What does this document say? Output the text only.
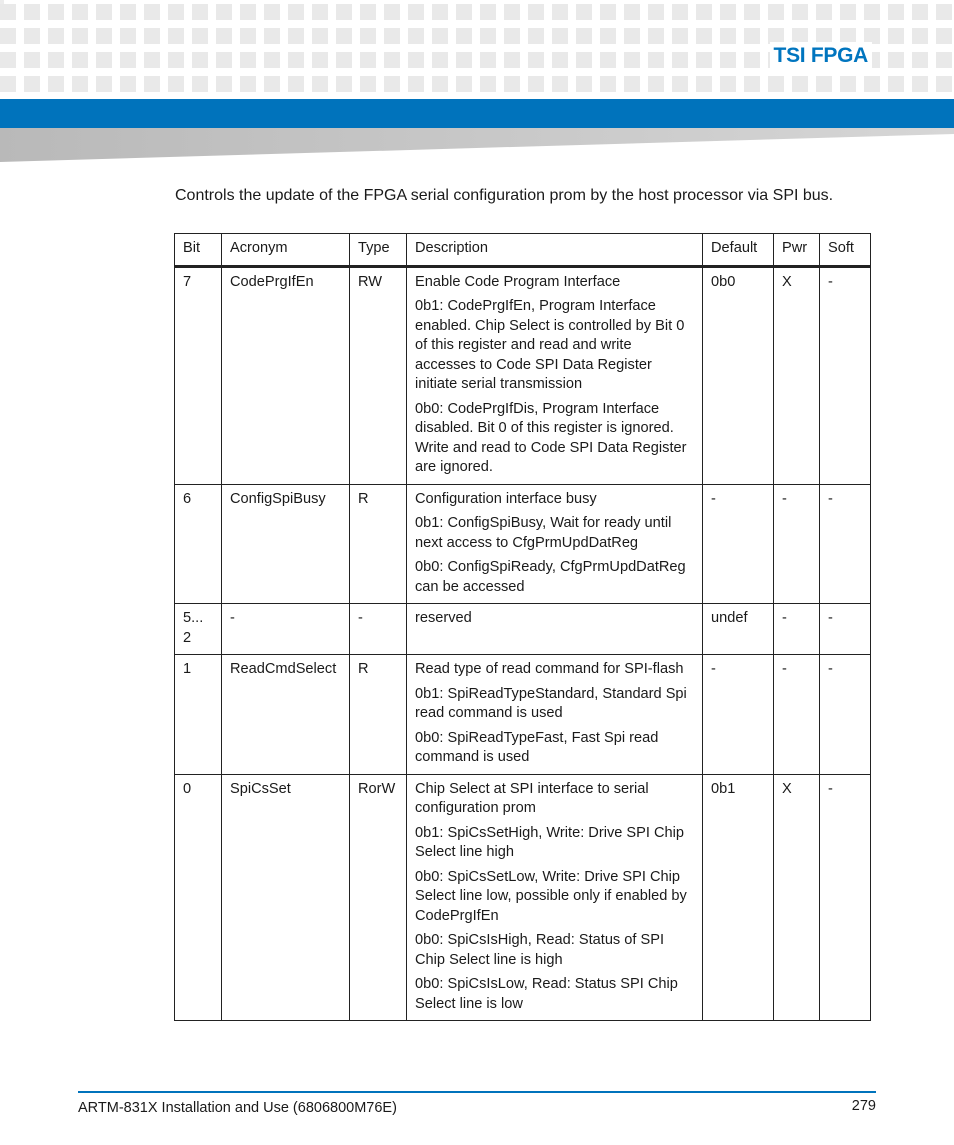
TSI FPGA
Controls the update of the FPGA serial configuration prom by the host processor via SPI bus.
Bit	Acronym	Type	Description	Default	Pwr	Soft
7	CodePrgIfEn	RW	Enable Code Program Interface

0b1: CodePrgIfEn, Program Interface enabled. Chip Select is controlled by Bit 0 of this register and read and write accesses to Code SPI Data Register initiate serial transmission

0b0: CodePrgIfDis, Program Interface disabled. Bit 0 of this register is ignored. Write and read to Code SPI Data Register are ignored.	0b0	X	-
6	ConfigSpiBusy	R	Configuration interface busy

0b1: ConfigSpiBusy, Wait for ready until next access to CfgPrmUpdDatReg

0b0: ConfigSpiReady, CfgPrmUpdDatReg can be accessed	-	-	-
5... 2	-	-	reserved	undef	-	-
1	ReadCmdSelect	R	Read type of read command for SPI-flash

0b1: SpiReadTypeStandard, Standard Spi read command is used

0b0: SpiReadTypeFast, Fast Spi read command is used	-	-	-
0	SpiCsSet	RorW	Chip Select at SPI interface to serial configuration prom

0b1: SpiCsSetHigh, Write: Drive SPI Chip Select line high

0b0: SpiCsSetLow, Write: Drive SPI Chip Select line low, possible only if enabled by CodePrgIfEn

0b0: SpiCsIsHigh, Read: Status of SPI Chip Select line is high

0b0: SpiCsIsLow, Read: Status SPI Chip Select line is low	0b1	X	-
ARTM-831X Installation and Use (6806800M76E)	279
